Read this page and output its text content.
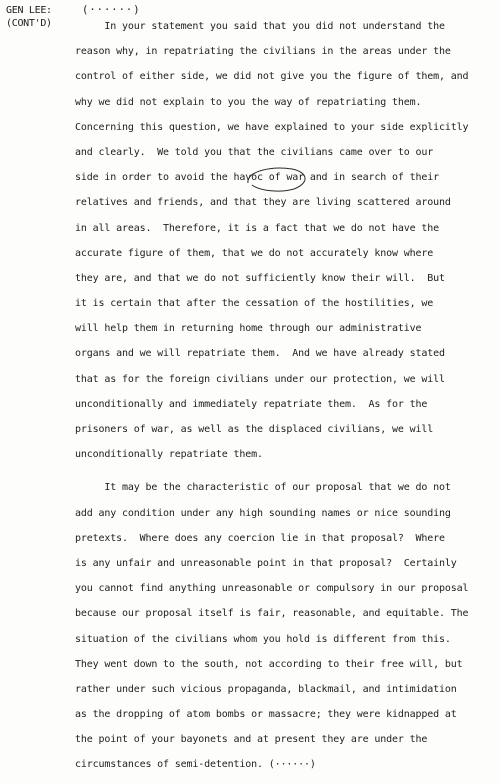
GEN LEE:
(CONT'D)
(······)
In your statement you said that you did not understand the
reason why, in repatriating the civilians in the areas under the
control of either side, we did not give you the figure of them, and
why we did not explain to you the way of repatriating them.
Concerning this question, we have explained to your side explicitly
and clearly.  We told you that the civilians came over to our
side in order to avoid the havoc of war and in search of their
relatives and friends, and that they are living scattered around
in all areas.  Therefore, it is a fact that we do not have the
accurate figure of them, that we do not accurately know where
they are, and that we do not sufficiently know their will.  But
it is certain that after the cessation of the hostilities, we
will help them in returning home through our administrative
organs and we will repatriate them.  And we have already stated
that as for the foreign civilians under our protection, we will
unconditionally and immediately repatriate them.  As for the
prisoners of war, as well as the displaced civilians, we will
unconditionally repatriate them.
It may be the characteristic of our proposal that we do not
add any condition under any high sounding names or nice sounding
pretexts.  Where does any coercion lie in that proposal?  Where
is any unfair and unreasonable point in that proposal?  Certainly
you cannot find anything unreasonable or compulsory in our proposal
because our proposal itself is fair, reasonable, and equitable. The
situation of the civilians whom you hold is different from this.
They went down to the south, not according to their free will, but
rather under such vicious propaganda, blackmail, and intimidation
as the dropping of atom bombs or massacre; they were kidnapped at
the point of your bayonets and at present they are under the
circumstances of semi-detention. (······)
